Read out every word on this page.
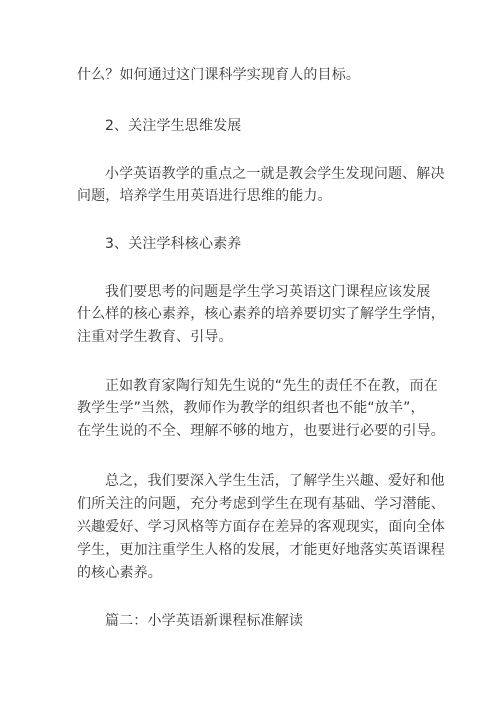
什么？如何通过这门课科学实现育人的目标。
2、关注学生思维发展
小学英语教学的重点之一就是教会学生发现问题、解决
问题，培养学生用英语进行思维的能力。
3、关注学科核心素养
我们要思考的问题是学生学习英语这门课程应该发展
什么样的核心素养，核心素养的培养要切实了解学生学情，
注重对学生教育、引导。
正如教育家陶行知先生说的“先生的责任不在教，而在
教学生学”当然，教师作为教学的组织者也不能“放羊”，
在学生说的不全、理解不够的地方，也要进行必要的引导。
总之，我们要深入学生生活，了解学生兴趣、爱好和他
们所关注的问题，充分考虑到学生在现有基础、学习潜能、
兴趣爱好、学习风格等方面存在差异的客观现实，面向全体
学生，更加注重学生人格的发展，才能更好地落实英语课程
的核心素养。
篇二：小学英语新课程标准解读
